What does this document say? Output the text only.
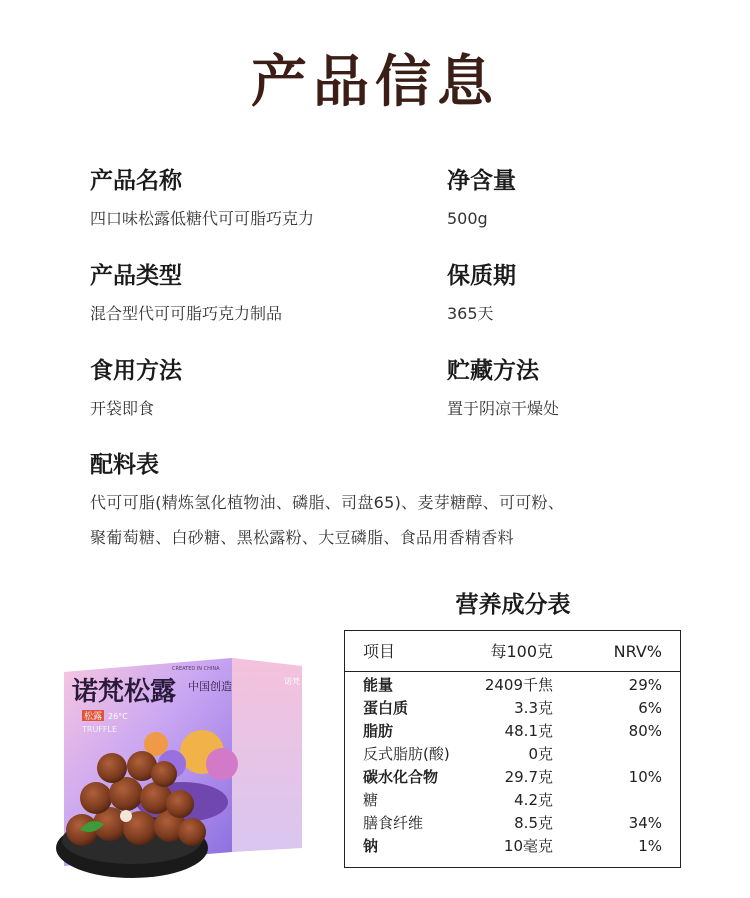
产品信息
产品名称
四口味松露低糖代可可脂巧克力
净含量
500g
产品类型
混合型代可可脂巧克力制品
保质期
365天
食用方法
开袋即食
贮藏方法
置于阴凉干燥处
配料表
代可可脂(精炼氢化植物油、磷脂、司盘65)、麦芽糖醇、可可粉、
聚葡萄糖、白砂糖、黑松露粉、大豆磷脂、食品用香精香料
营养成分表
项目	每100克	NRV%
能量	2409千焦	29%
蛋白质	3.3克	6%
脂肪	48.1克	80%
反式脂肪(酸)	0克
碳水化合物	29.7克	10%
糖	4.2克
膳食纤维	8.5克	34%
钠	10毫克	1%
诺梵松露 中国创造
CREATED IN CHINA
松露 26°C
TRUFFLE
诺梵
